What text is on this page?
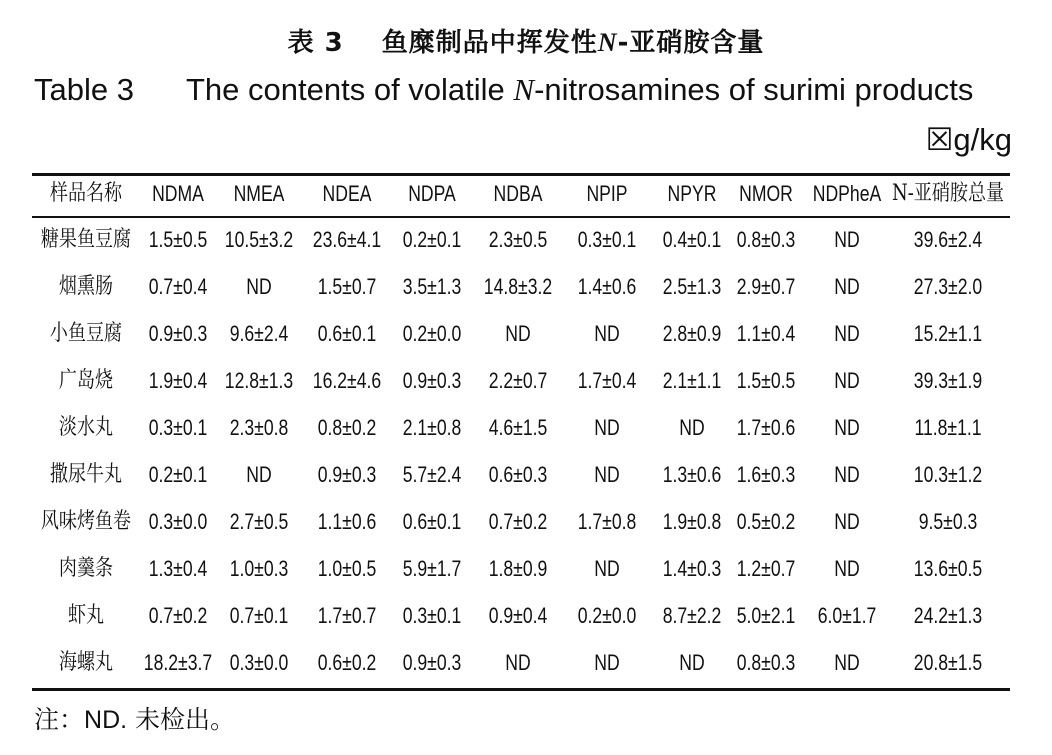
表 3 鱼糜制品中挥发性N-亚硝胺含量
Table 3 The contents of volatile N-nitrosamines of surimi products
☒g/kg
样品名称 NDMA NMEA NDEA NDPA NDBA NPIP NPYR NMOR NDPheA N-亚硝胺总量
糖果鱼豆腐 1.5±0.5 10.5±3.2 23.6±4.1 0.2±0.1 2.3±0.5 0.3±0.1 0.4±0.1 0.8±0.3 ND 39.6±2.4
烟熏肠 0.7±0.4 ND 1.5±0.7 3.5±1.3 14.8±3.2 1.4±0.6 2.5±1.3 2.9±0.7 ND 27.3±2.0
小鱼豆腐 0.9±0.3 9.6±2.4 0.6±0.1 0.2±0.0 ND	ND 2.8±0.9 1.1±0.4 ND 15.2±1.1
广岛烧 1.9±0.4 12.8±1.3 16.2±4.6 0.9±0.3 2.2±0.7 1.7±0.4 2.1±1.1 1.5±0.5 ND 39.3±1.9
淡水丸 0.3±0.1 2.3±0.8 0.8±0.2 2.1±0.8 4.6±1.5 ND	ND 1.7±0.6 ND 11.8±1.1
撒尿牛丸 0.2±0.1 ND 0.9±0.3 5.7±2.4 0.6±0.3 ND 1.3±0.6 1.6±0.3 ND 10.3±1.2
风味烤鱼卷 0.3±0.0 2.7±0.5 1.1±0.6 0.6±0.1 0.7±0.2 1.7±0.8 1.9±0.8 0.5±0.2 ND	9.5±0.3
肉羹条 1.3±0.4 1.0±0.3 1.0±0.5 5.9±1.7 1.8±0.9 ND 1.4±0.3 1.2±0.7 ND 13.6±0.5
虾丸 0.7±0.2 0.7±0.1 1.7±0.7 0.3±0.1 0.9±0.4 0.2±0.0 8.7±2.2 5.0±2.1 6.0±1.7 24.2±1.3
海螺丸 18.2±3.7 0.3±0.0 0.6±0.2 0.9±0.3 ND	ND	ND 0.8±0.3 ND 20.8±1.5
注：ND. 未检出。
